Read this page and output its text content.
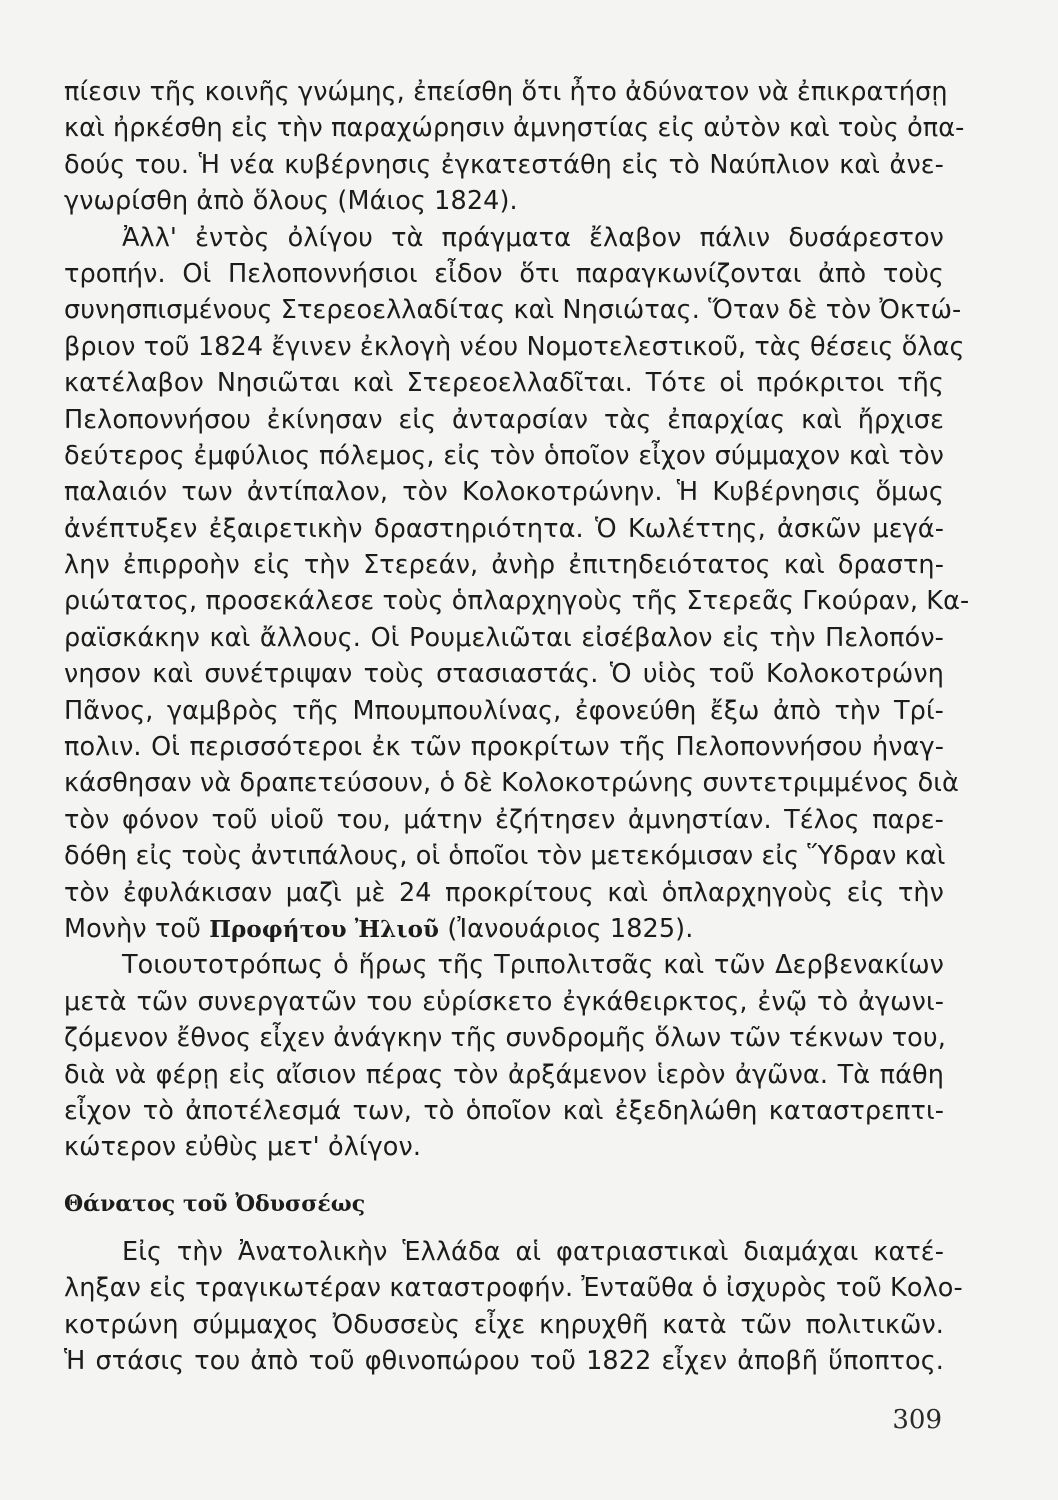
πίεσιν τῆς κοινῆς γνώμης, ἐπείσθη ὅτι ἦτο ἀδύνατον νὰ ἐπικρατήσῃ
καὶ ἠρκέσθη εἰς τὴν παραχώρησιν ἀμνηστίας εἰς αὐτὸν καὶ τοὺς ὀπα-
δούς του. Ἡ νέα κυβέρνησις ἐγκατεστάθη εἰς τὸ Ναύπλιον καὶ ἀνε-
γνωρίσθη ἀπὸ ὅλους (Μάιος 1824).
Ἀλλ' ἐντὸς ὀλίγου τὰ πράγματα ἔλαβον πάλιν δυσάρεστον
τροπήν. Οἱ Πελοποννήσιοι εἶδον ὅτι παραγκωνίζονται ἀπὸ τοὺς
συνησπισμένους Στερεοελλαδίτας καὶ Νησιώτας. Ὅταν δὲ τὸν Ὀκτώ-
βριον τοῦ 1824 ἔγινεν ἐκλογὴ νέου Νομοτελεστικοῦ, τὰς θέσεις ὅλας
κατέλαβον Νησιῶται καὶ Στερεοελλαδῖται. Τότε οἱ πρόκριτοι τῆς
Πελοποννήσου ἐκίνησαν εἰς ἀνταρσίαν τὰς ἐπαρχίας καὶ ἤρχισε
δεύτερος ἐμφύλιος πόλεμος, εἰς τὸν ὁποῖον εἶχον σύμμαχον καὶ τὸν
παλαιόν των ἀντίπαλον, τὸν Κολοκοτρώνην. Ἡ Κυβέρνησις ὅμως
ἀνέπτυξεν ἐξαιρετικὴν δραστηριότητα. Ὁ Κωλέττης, ἀσκῶν μεγά-
λην ἐπιρροὴν εἰς τὴν Στερεάν, ἀνὴρ ἐπιτηδειότατος καὶ δραστη-
ριώτατος, προσεκάλεσε τοὺς ὁπλαρχηγοὺς τῆς Στερεᾶς Γκούραν, Κα-
ραϊσκάκην καὶ ἄλλους. Οἱ Ρουμελιῶται εἰσέβαλον εἰς τὴν Πελοπόν-
νησον καὶ συνέτριψαν τοὺς στασιαστάς. Ὁ υἱὸς τοῦ Κολοκοτρώνη
Πᾶνος, γαμβρὸς τῆς Μπουμπουλίνας, ἐφονεύθη ἔξω ἀπὸ τὴν Τρί-
πολιν. Οἱ περισσότεροι ἐκ τῶν προκρίτων τῆς Πελοποννήσου ἠναγ-
κάσθησαν νὰ δραπετεύσουν, ὁ δὲ Κολοκοτρώνης συντετριμμένος διὰ
τὸν φόνον τοῦ υἱοῦ του, μάτην ἐζήτησεν ἀμνηστίαν. Τέλος παρε-
δόθη εἰς τοὺς ἀντιπάλους, οἱ ὁποῖοι τὸν μετεκόμισαν εἰς Ὕδραν καὶ
τὸν ἐφυλάκισαν μαζὶ μὲ 24 προκρίτους καὶ ὁπλαρχηγοὺς εἰς τὴν
Μονὴν τοῦ Προφήτου Ἠλιοῦ (Ἰανουάριος 1825).
Τοιουτοτρόπως ὁ ἥρως τῆς Τριπολιτσᾶς καὶ τῶν Δερβενακίων
μετὰ τῶν συνεργατῶν του εὑρίσκετο ἐγκάθειρκτος, ἐνῷ τὸ ἀγωνι-
ζόμενον ἔθνος εἶχεν ἀνάγκην τῆς συνδρομῆς ὅλων τῶν τέκνων του,
διὰ νὰ φέρῃ εἰς αἴσιον πέρας τὸν ἀρξάμενον ἱερὸν ἀγῶνα. Τὰ πάθη
εἶχον τὸ ἀποτέλεσμά των, τὸ ὁποῖον καὶ ἐξεδηλώθη καταστρεπτι-
κώτερον εὐθὺς μετ' ὀλίγον.
Θάνατος τοῦ Ὀδυσσέως
Εἰς τὴν Ἀνατολικὴν Ἑλλάδα αἱ φατριαστικαὶ διαμάχαι κατέ-
ληξαν εἰς τραγικωτέραν καταστροφήν. Ἐνταῦθα ὁ ἰσχυρὸς τοῦ Κολο-
κοτρώνη σύμμαχος Ὀδυσσεὺς εἶχε κηρυχθῆ κατὰ τῶν πολιτικῶν.
Ἡ στάσις του ἀπὸ τοῦ φθινοπώρου τοῦ 1822 εἶχεν ἀποβῆ ὕποπτος.
309
